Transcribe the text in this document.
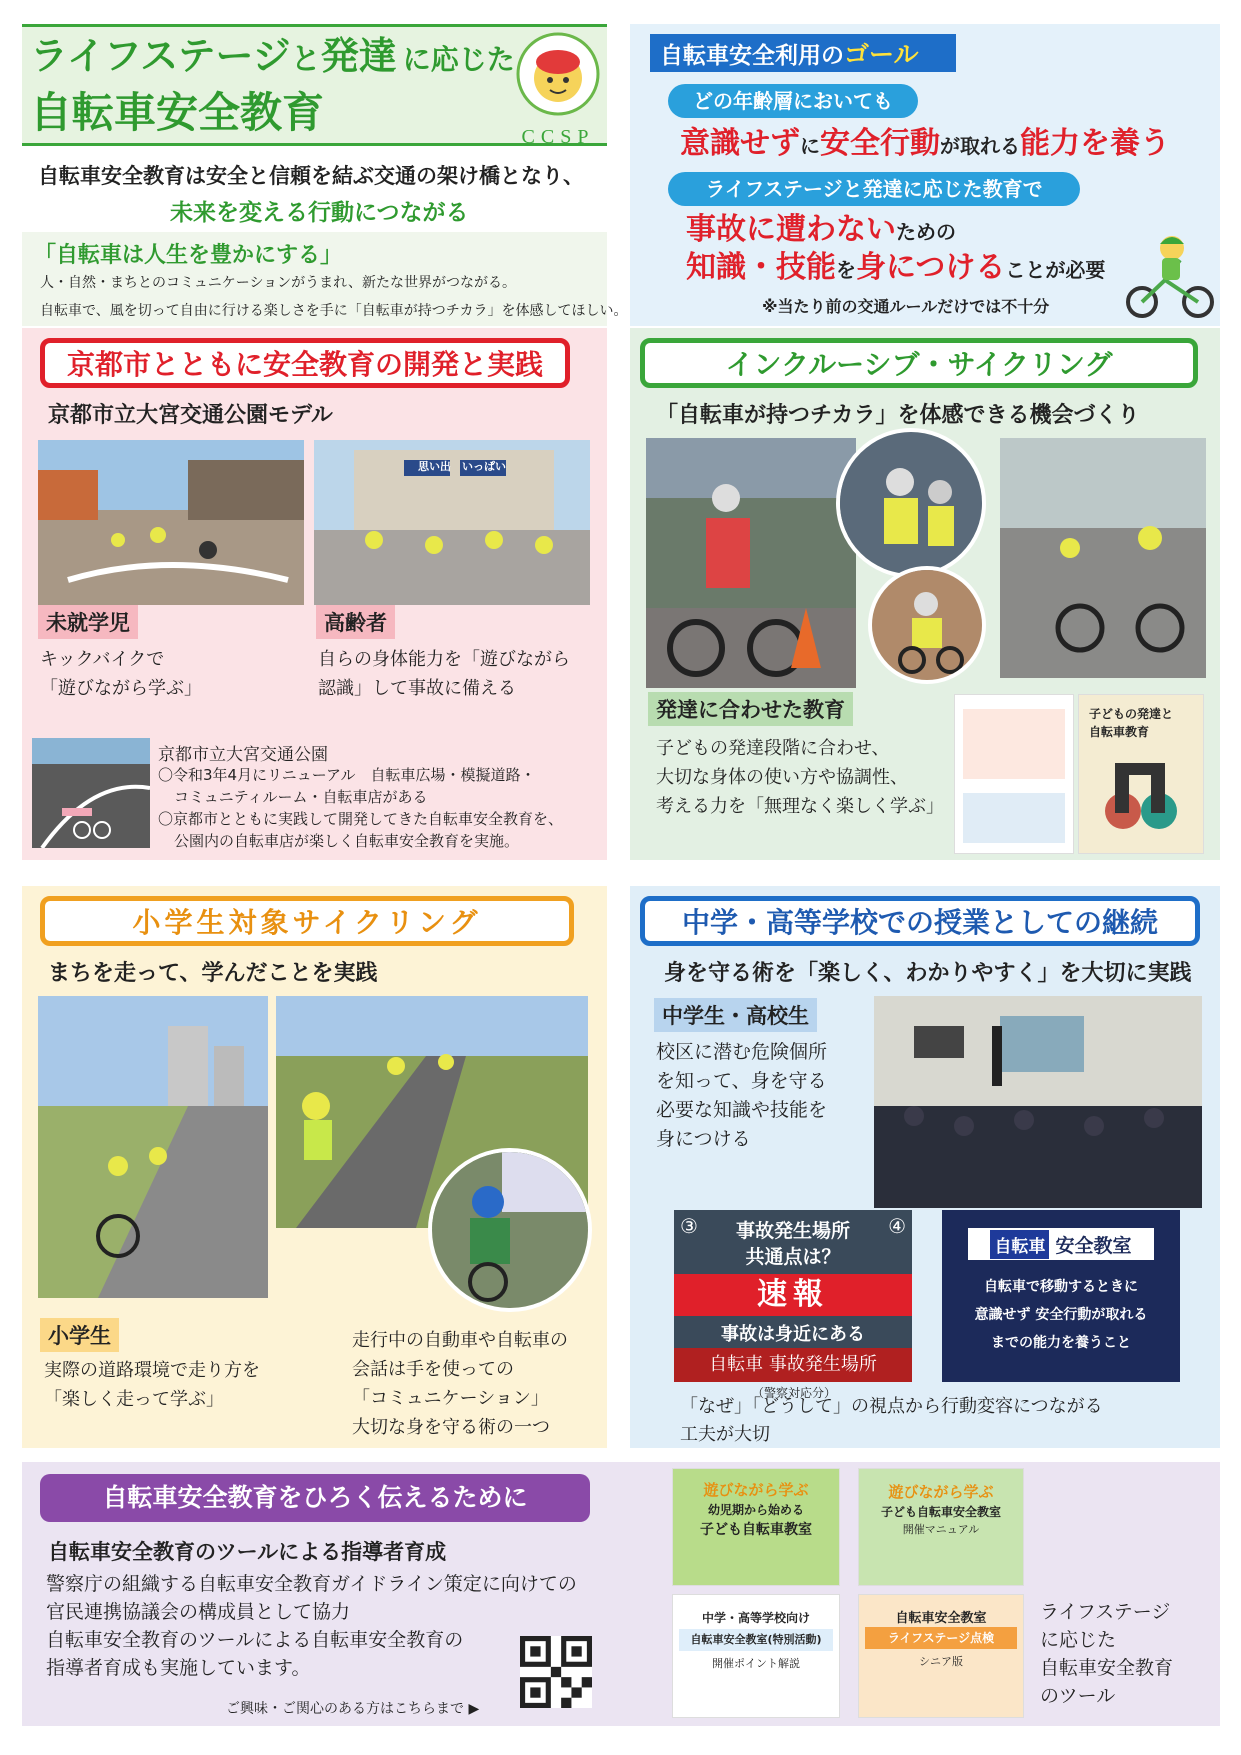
ライフステージと発達 に応じた
自転車安全教育	CCSP
自転車安全教育は安全と信頼を結ぶ交通の架け橋となり、
未来を変える行動につながる
「自転車は人生を豊かにする」
人・自然・まちとのコミュニケーションがうまれ、新たな世界がつながる。
自転車で、風を切って自由に行ける楽しさを手に「自転車が持つチカラ」を体感してほしい。
自転車安全利用の ゴール
どの年齢層においても
意識せずに安全行動が取れる能力を養う
ライフステージと発達に応じた教育で
事故に遭わないための
知識・技能を身につけることが必要
※当たり前の交通ルールだけでは不十分
京都市とともに安全教育の開発と実践
京都市立大宮交通公園モデル
思い出　 いっぱい
未就学児	高齢者
キックバイクで
「遊びながら学ぶ」
自らの身体能力を「遊びながら
認識」して事故に備える
京都市立大宮交通公園
〇令和3年4月にリニューアル　自転車広場・模擬道路・
コミュニティルーム・自転車店がある
〇京都市とともに実践して開発してきた自転車安全教育を、
公園内の自転車店が楽しく自転車安全教育を実施。
インクルーシブ・サイクリング
「自転車が持つチカラ」を体感できる機会づくり
発達に合わせた教育
子どもの発達段階に合わせ、
大切な身体の使い方や協調性、
考える力を「無理なく楽しく学ぶ」
子どもの発達と
自転車教育
小学生対象サイクリング
まちを走って、学んだことを実践
小学生
実際の道路環境で走り方を
「楽しく走って学ぶ」
走行中の自動車や自転車の
会話は手を使っての
「コミュニケーション」
大切な身を守る術の一つ
中学・高等学校での授業としての継続
身を守る術を「楽しく、わかりやすく」を大切に実践
中学生・高校生
校区に潜む危険個所
を知って、身を守る
必要な知識や技能を
身につける
③	④
事故発生場所
共通点は？
速報
事故は身近にある
自転車 事故発生場所
（警察対応分）
自転車 安全教室
自転車で移動するときに
意識せず 安全行動が取れる
までの能力を養うこと
「なぜ」「どうして」の視点から行動変容につながる
工夫が大切
自転車安全教育をひろく伝えるために
自転車安全教育のツールによる指導者育成
警察庁の組織する自転車安全教育ガイドライン策定に向けての
官民連携協議会の構成員として協力
自転車安全教育のツールによる自転車安全教育の
指導者育成も実施しています。
ご興味・ご関心のある方はこちらまで ▶
遊びながら学ぶ
幼児期から始める
子ども自転車教室
遊びながら学ぶ
子ども自転車安全教室
開催マニュアル
中学・高等学校向け
自転車安全教室(特別活動)
開催ポイント解説
自転車安全教室
ライフステージ点検
シニア版
ライフステージ
に応じた
自転車安全教育
のツール
